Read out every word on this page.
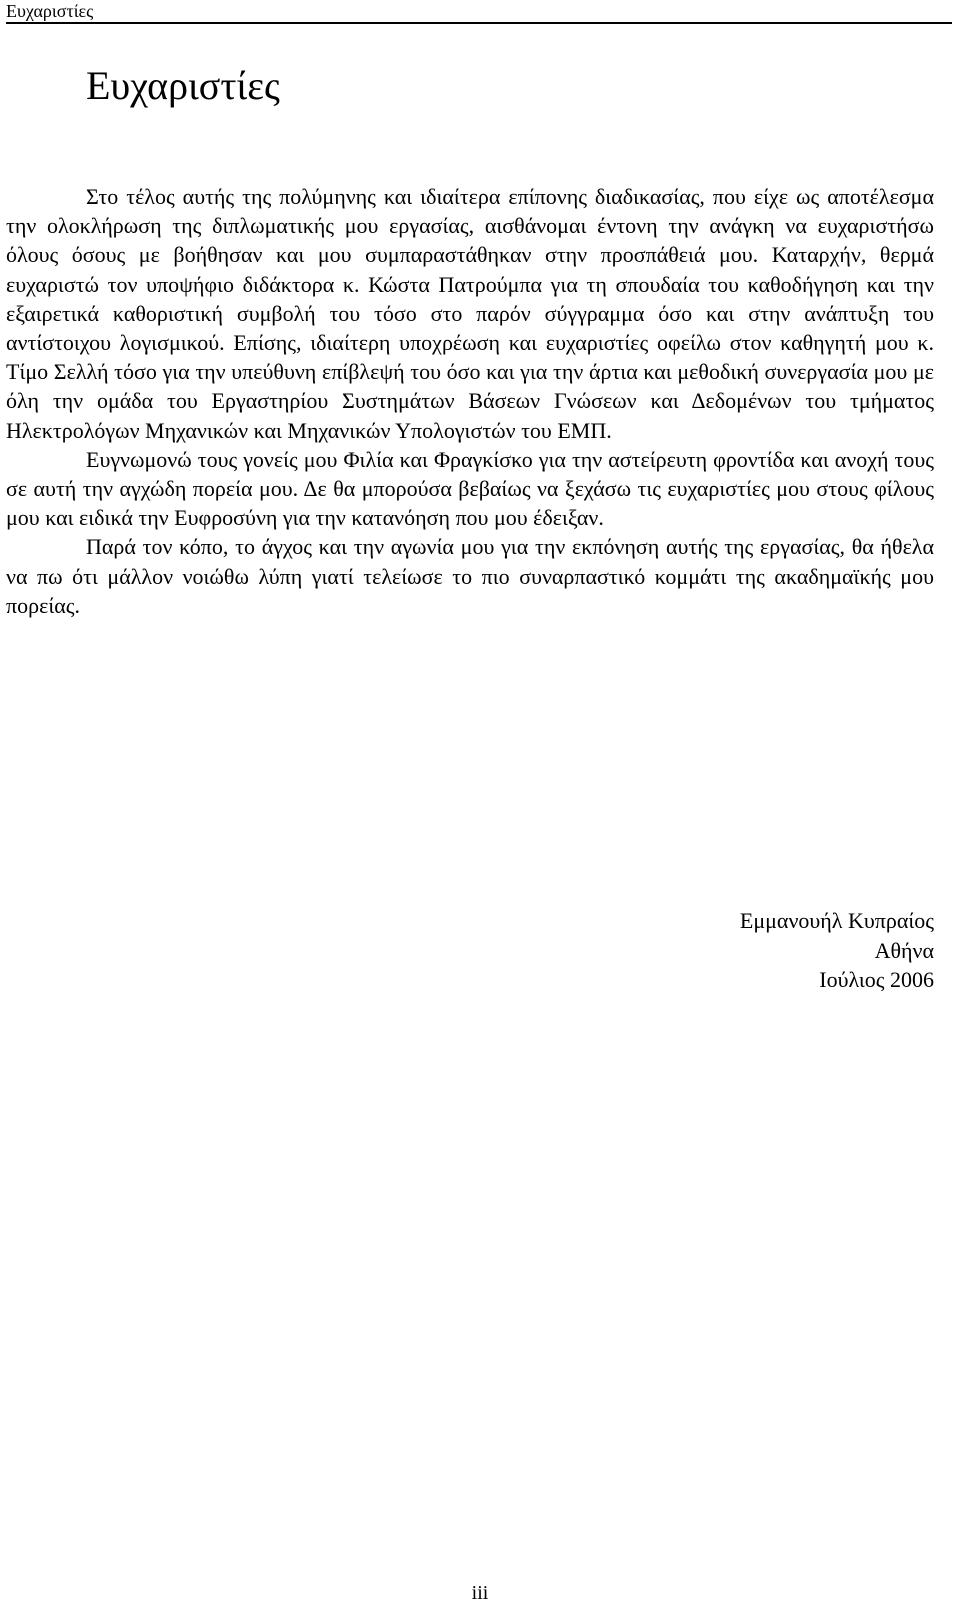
Ευχαριστίες
Ευχαριστίες

Στο τέλος αυτής της πολύμηνης και ιδιαίτερα επίπονης διαδικασίας, που είχε ως αποτέλεσμα την ολοκλήρωση της διπλωματικής μου εργασίας, αισθάνομαι έντονη την ανάγκη να ευχαριστήσω όλους όσους με βοήθησαν και μου συμπαραστάθηκαν στην προσπάθειά μου. Καταρχήν, θερμά ευχαριστώ τον υποψήφιο διδάκτορα κ. Κώστα Πατρούμπα για τη σπουδαία του καθοδήγηση και την εξαιρετικά καθοριστική συμβολή του τόσο στο παρόν σύγγραμμα όσο και στην ανάπτυξη του αντίστοιχου λογισμικού. Επίσης, ιδιαίτερη υποχρέωση και ευχαριστίες οφείλω στον καθηγητή μου κ. Τίμο Σελλή τόσο για την υπεύθυνη επίβλεψή του όσο και για την άρτια και μεθοδική συνεργασία μου με όλη την ομάδα του Εργαστηρίου Συστημάτων Βάσεων Γνώσεων και Δεδομένων του τμήματος Ηλεκτρολόγων Μηχανικών και Μηχανικών Υπολογιστών του ΕΜΠ.

Ευγνωμονώ τους γονείς μου Φιλία και Φραγκίσκο για την αστείρευτη φροντίδα και ανοχή τους σε αυτή την αγχώδη πορεία μου. Δε θα μπορούσα βεβαίως να ξεχάσω τις ευχαριστίες μου στους φίλους μου και ειδικά την Ευφροσύνη για την κατανόηση που μου έδειξαν.

Παρά τον κόπο, το άγχος και την αγωνία μου για την εκπόνηση αυτής της εργασίας, θα ήθελα να πω ότι μάλλον νοιώθω λύπη γιατί τελείωσε το πιο συναρπαστικό κομμάτι της ακαδημαϊκής μου πορείας.

Εμμανουήλ Κυπραίος
Αθήνα
Ιούλιος 2006
iii
